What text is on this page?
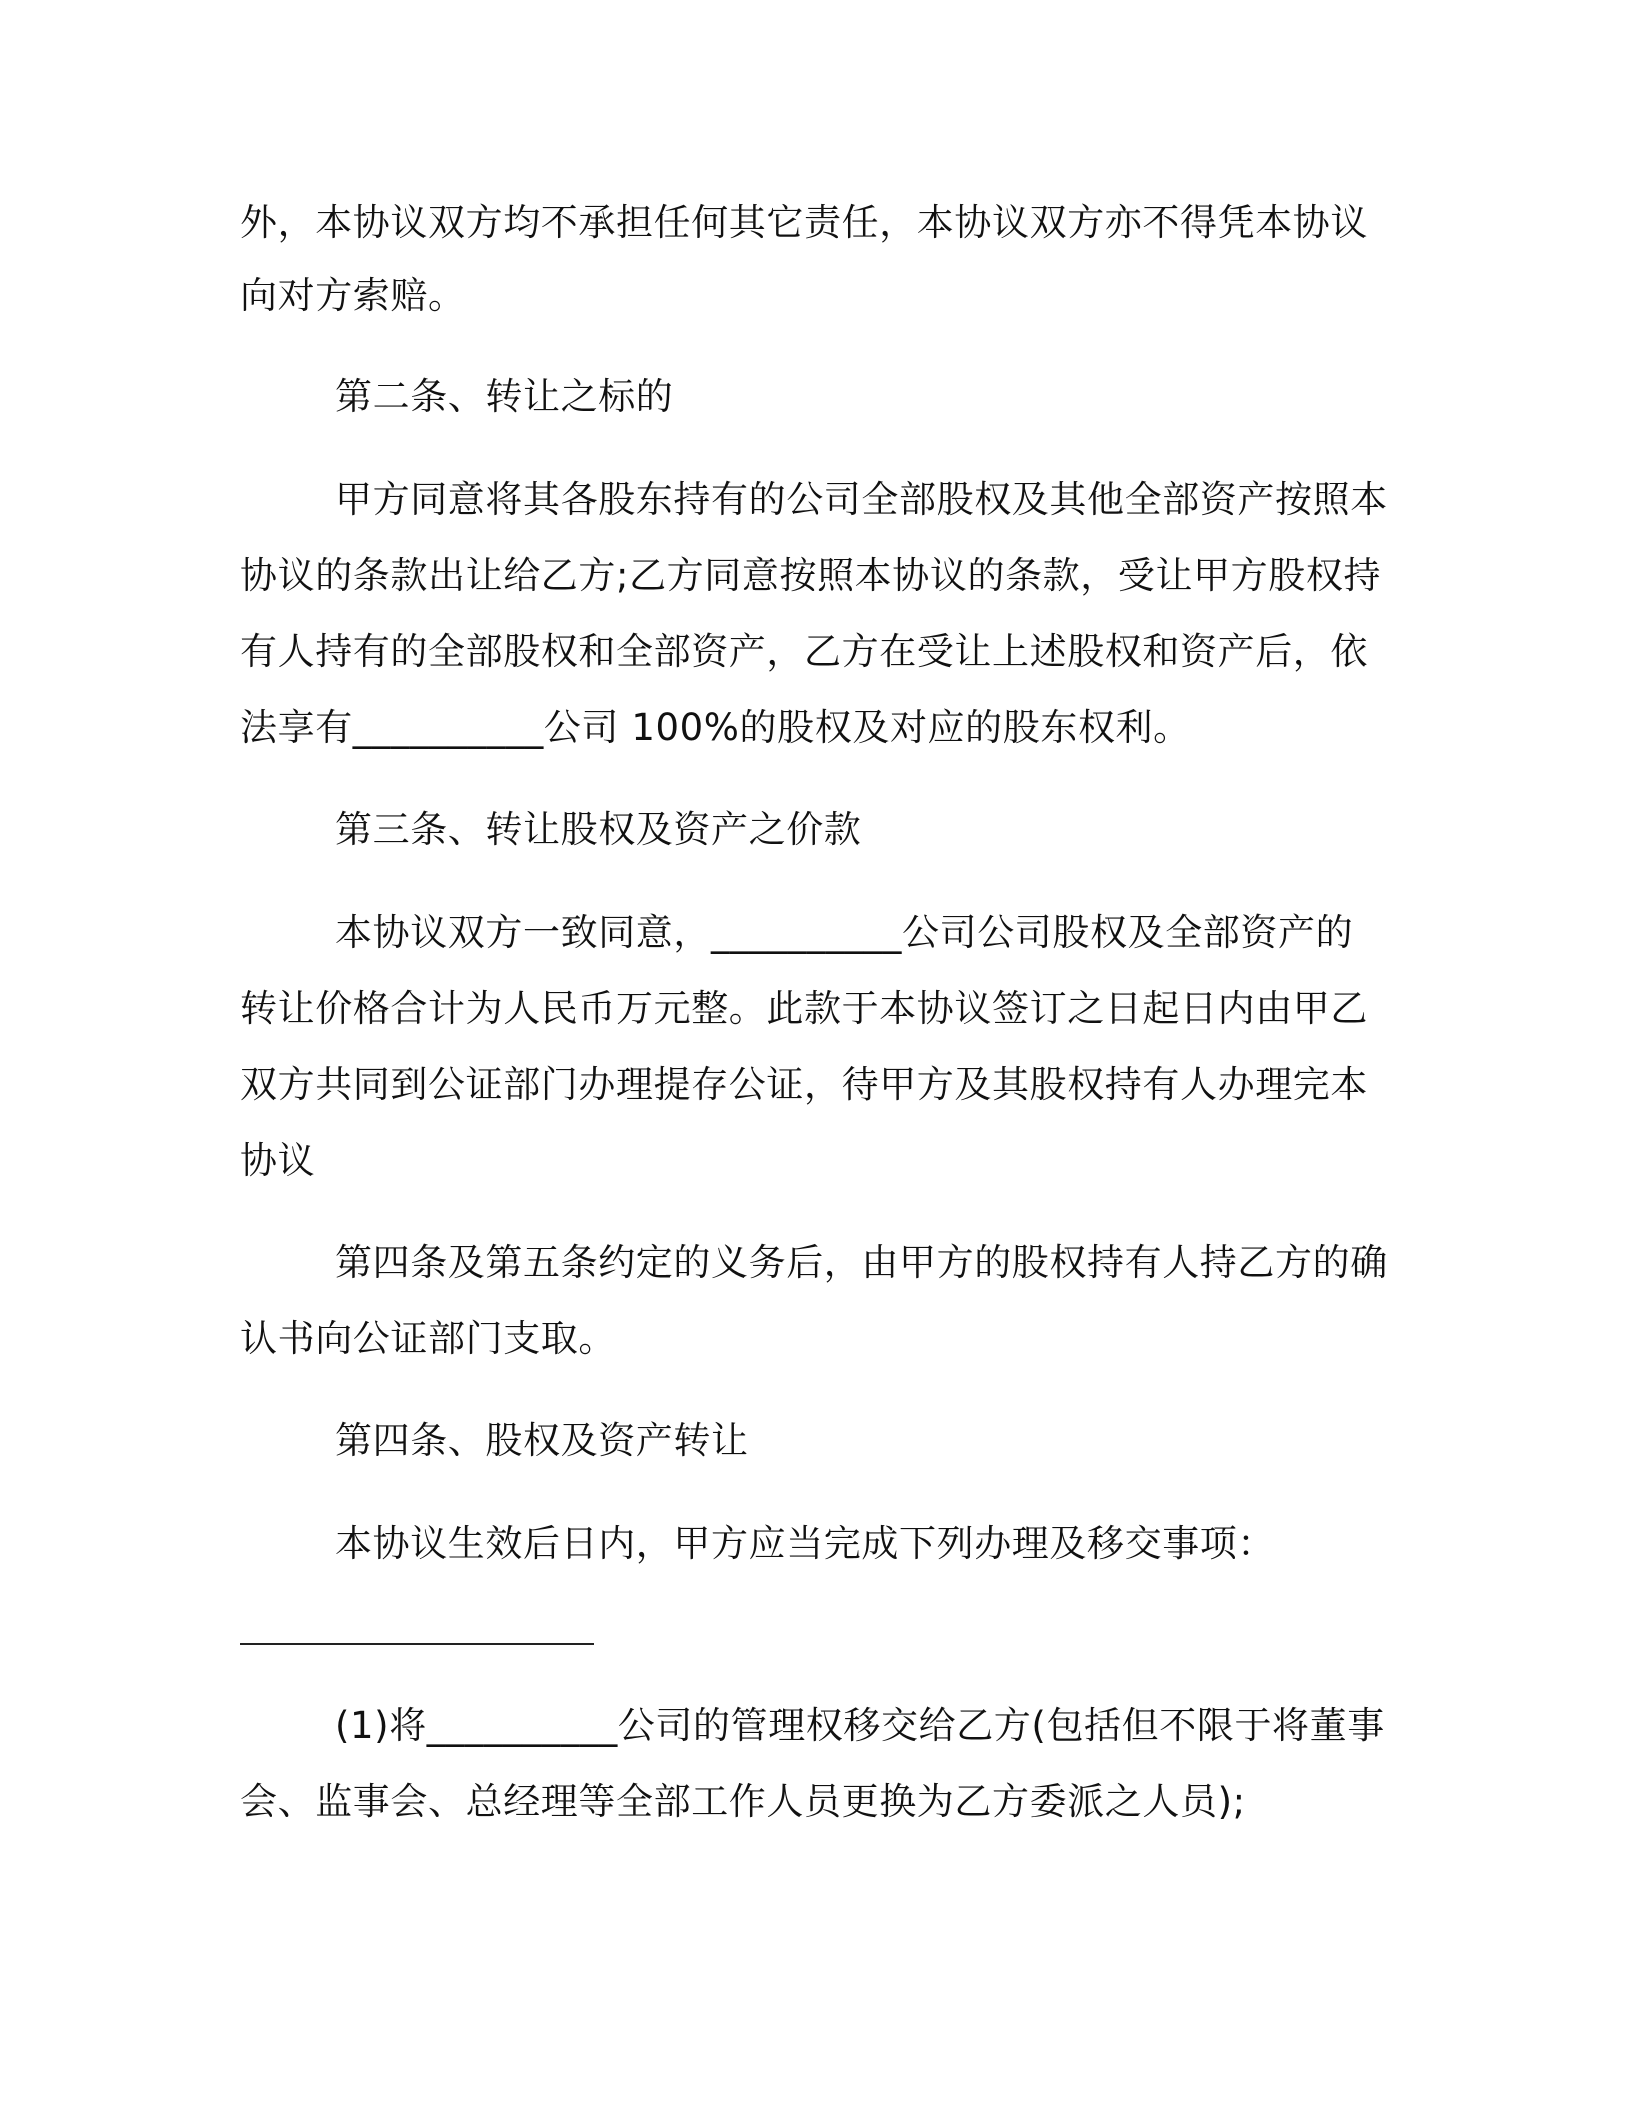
外，本协议双方均不承担任何其它责任，本协议双方亦不得凭本协议
向对方索赔。
第二条、转让之标的
甲方同意将其各股东持有的公司全部股权及其他全部资产按照本
协议的条款出让给乙方;乙方同意按照本协议的条款，受让甲方股权持
有人持有的全部股权和全部资产，乙方在受让上述股权和资产后，依
法享有__________公司 100%的股权及对应的股东权利。
第三条、转让股权及资产之价款
本协议双方一致同意，__________公司公司股权及全部资产的
转让价格合计为人民币万元整。此款于本协议签订之日起日内由甲乙
双方共同到公证部门办理提存公证，待甲方及其股权持有人办理完本
协议
第四条及第五条约定的义务后，由甲方的股权持有人持乙方的确
认书向公证部门支取。
第四条、股权及资产转让
本协议生效后日内，甲方应当完成下列办理及移交事项：
(1)将__________公司的管理权移交给乙方(包括但不限于将董事
会、监事会、总经理等全部工作人员更换为乙方委派之人员);
